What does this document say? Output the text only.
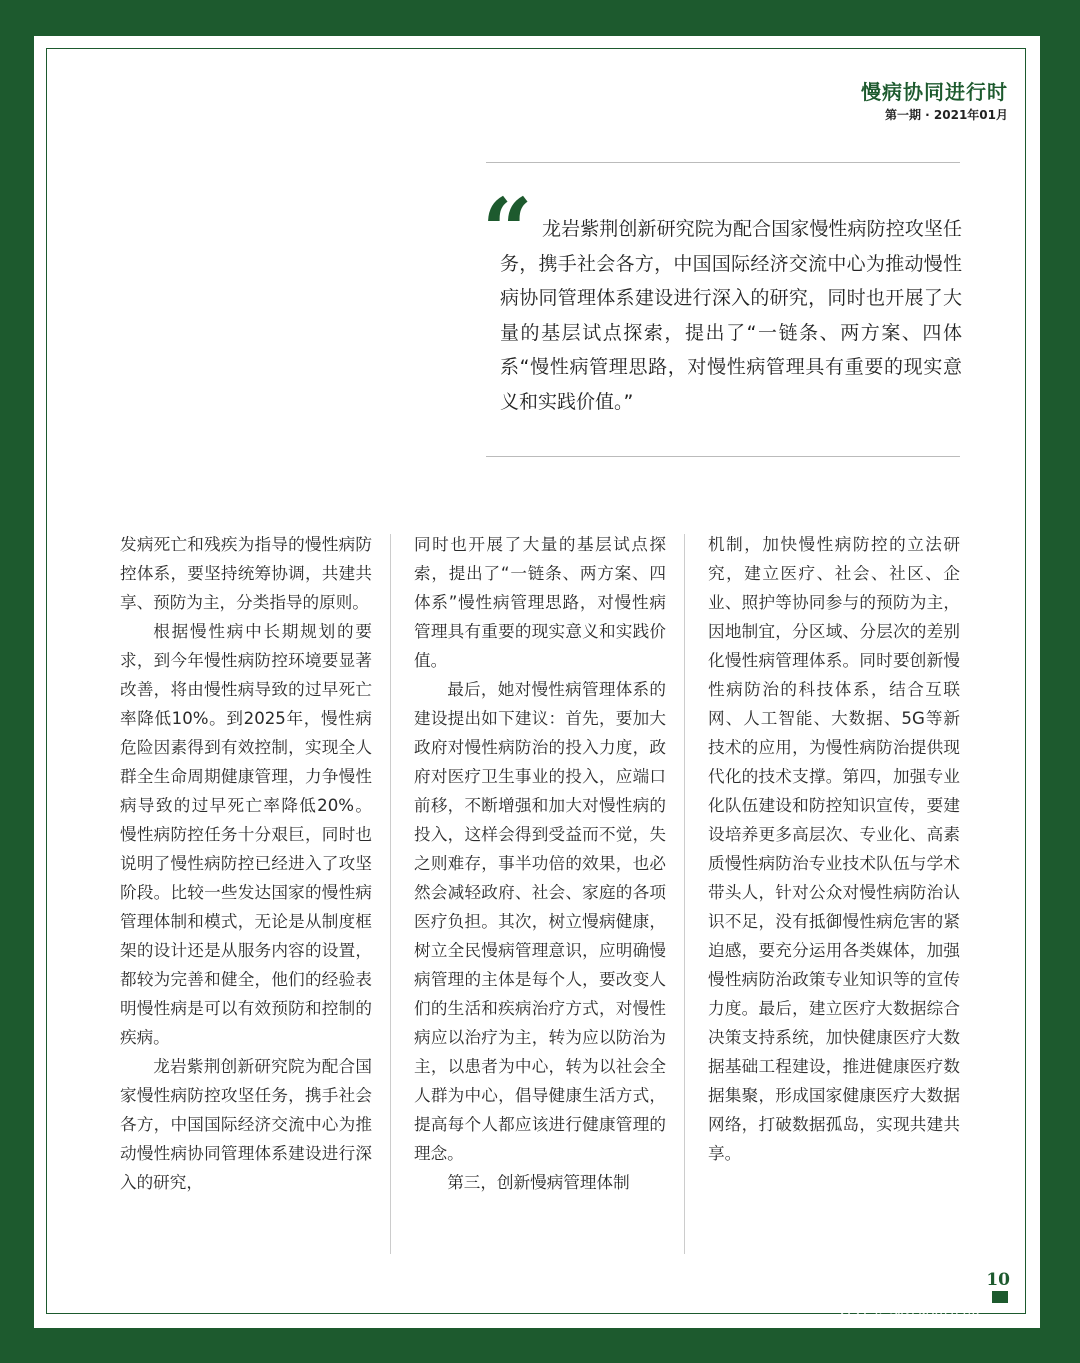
慢病协同进行时
第一期 · 2021年01月
“ 龙岩紫荆创新研究院为配合国家慢性病防控攻坚任务，携手社会各方，中国国际经济交流中心为推动慢性病协同管理体系建设进行深入的研究，同时也开展了大量的基层试点探索，提出了“一链条、两方案、四体系“慢性病管理思路，对慢性病管理具有重要的现实意义和实践价值。”

发病死亡和残疾为指导的慢性病防控体系，要坚持统筹协调，共建共享、预防为主，分类指导的原则。

根据慢性病中长期规划的要求，到今年慢性病防控环境要显著改善，将由慢性病导致的过早死亡率降低10%。到2025年，慢性病危险因素得到有效控制，实现全人群全生命周期健康管理，力争慢性病导致的过早死亡率降低20%。慢性病防控任务十分艰巨，同时也说明了慢性病防控已经进入了攻坚阶段。比较一些发达国家的慢性病管理体制和模式，无论是从制度框架的设计还是从服务内容的设置，都较为完善和健全，他们的经验表明慢性病是可以有效预防和控制的疾病。

龙岩紫荆创新研究院为配合国家慢性病防控攻坚任务，携手社会各方，中国国际经济交流中心为推动慢性病协同管理体系建设进行深入的研究，

同时也开展了大量的基层试点探索，提出了“一链条、两方案、四体系”慢性病管理思路，对慢性病管理具有重要的现实意义和实践价值。

最后，她对慢性病管理体系的建设提出如下建议：首先，要加大政府对慢性病防治的投入力度，政府对医疗卫生事业的投入，应端口前移，不断增强和加大对慢性病的投入，这样会得到受益而不觉，失之则难存，事半功倍的效果，也必然会减轻政府、社会、家庭的各项医疗负担。其次，树立慢病健康，树立全民慢病管理意识，应明确慢病管理的主体是每个人，要改变人们的生活和疾病治疗方式，对慢性病应以治疗为主，转为应以防治为主，以患者为中心，转为以社会全人群为中心，倡导健康生活方式，提高每个人都应该进行健康管理的理念。

第三，创新慢病管理体制

机制，加快慢性病防控的立法研究，建立医疗、社会、社区、企业、照护等协同参与的预防为主，因地制宜，分区域、分层次的差别化慢性病管理体系。同时要创新慢性病防治的科技体系，结合互联网、人工智能、大数据、5G等新技术的应用，为慢性病防治提供现代化的技术支撑。第四，加强专业化队伍建设和防控知识宣传，要建设培养更多高层次、专业化、高素质慢性病防治专业技术队伍与学术带头人，针对公众对慢性病防治认识不足，没有抵御慢性病危害的紧迫感，要充分运用各类媒体，加强慢性病防治政策专业知识等的宣传力度。最后，建立医疗大数据综合决策支持系统，加快健康医疗大数据基础工程建设，推进健康医疗数据集聚，形成国家健康医疗大数据网络，打破数据孤岛，实现共建共享。

10
慢病协同体
